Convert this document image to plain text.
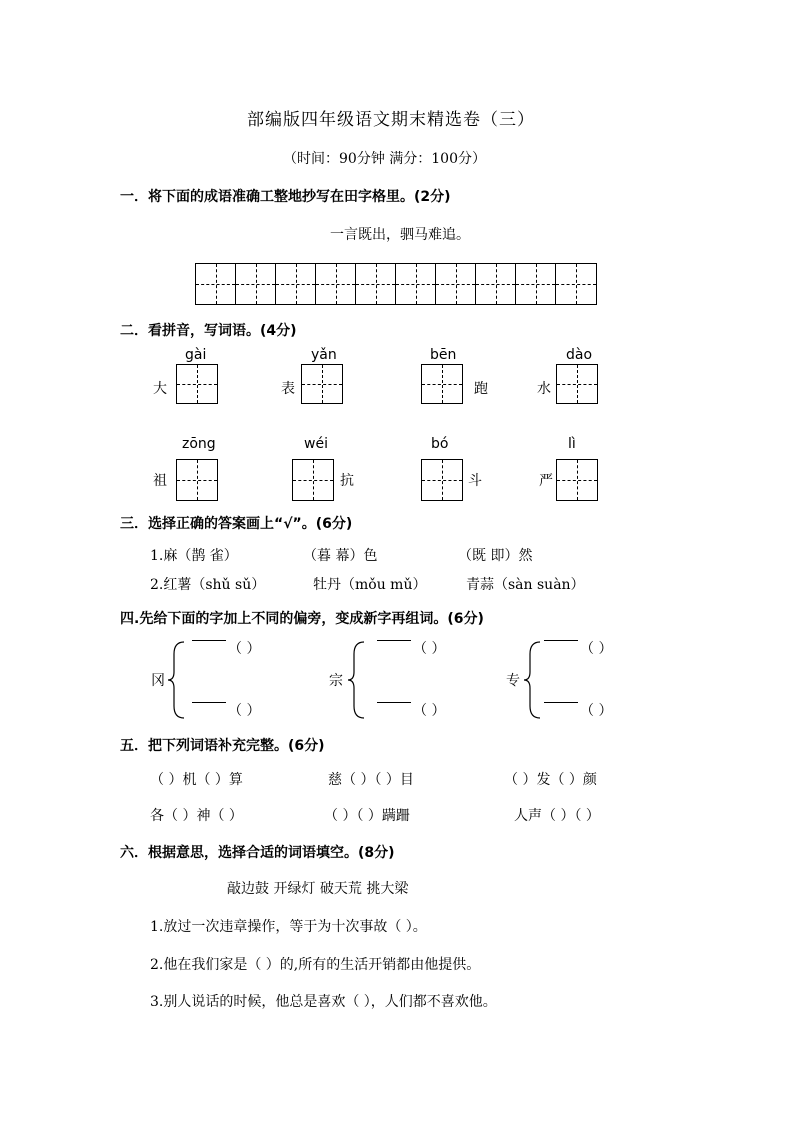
部编版四年级语文期末精选卷（三）
（时间：90分钟 满分：100分）
一．将下面的成语准确工整地抄写在田字格里。(2分)
一言既出，驷马难追。
二．看拼音，写词语。(4分)
gài
大
yǎn
表
bēn
跑
dào
水
zōng
祖
wéi
抗
bó
斗
lì
严
三．选择正确的答案画上“√”。(6分)
1.麻（鹊 雀）	（暮 幕）色	（既 即）然
2.红薯（shǔ sǔ）	牡丹（mǒu mǔ）	青蒜（sàn suàn）
四.先给下面的字加上不同的偏旁，变成新字再组词。(6分)
冈
（ ）
（ ）
宗
（ ）
（ ）
专
（ ）
（ ）
五．把下列词语补充完整。(6分)
（ ）机（ ）算	慈（ ）（ ）目	（ ）发（ ）颜
各（ ）神（ ）	（ ）（ ）蹒跚	人声（ ）（ ）
六．根据意思，选择合适的词语填空。(8分)
敲边鼓 开绿灯 破天荒 挑大梁
1.放过一次违章操作，等于为十次事故（ ）。
2.他在我们家是（ ）的,所有的生活开销都由他提供。
3.别人说话的时候，他总是喜欢（ ），人们都不喜欢他。
